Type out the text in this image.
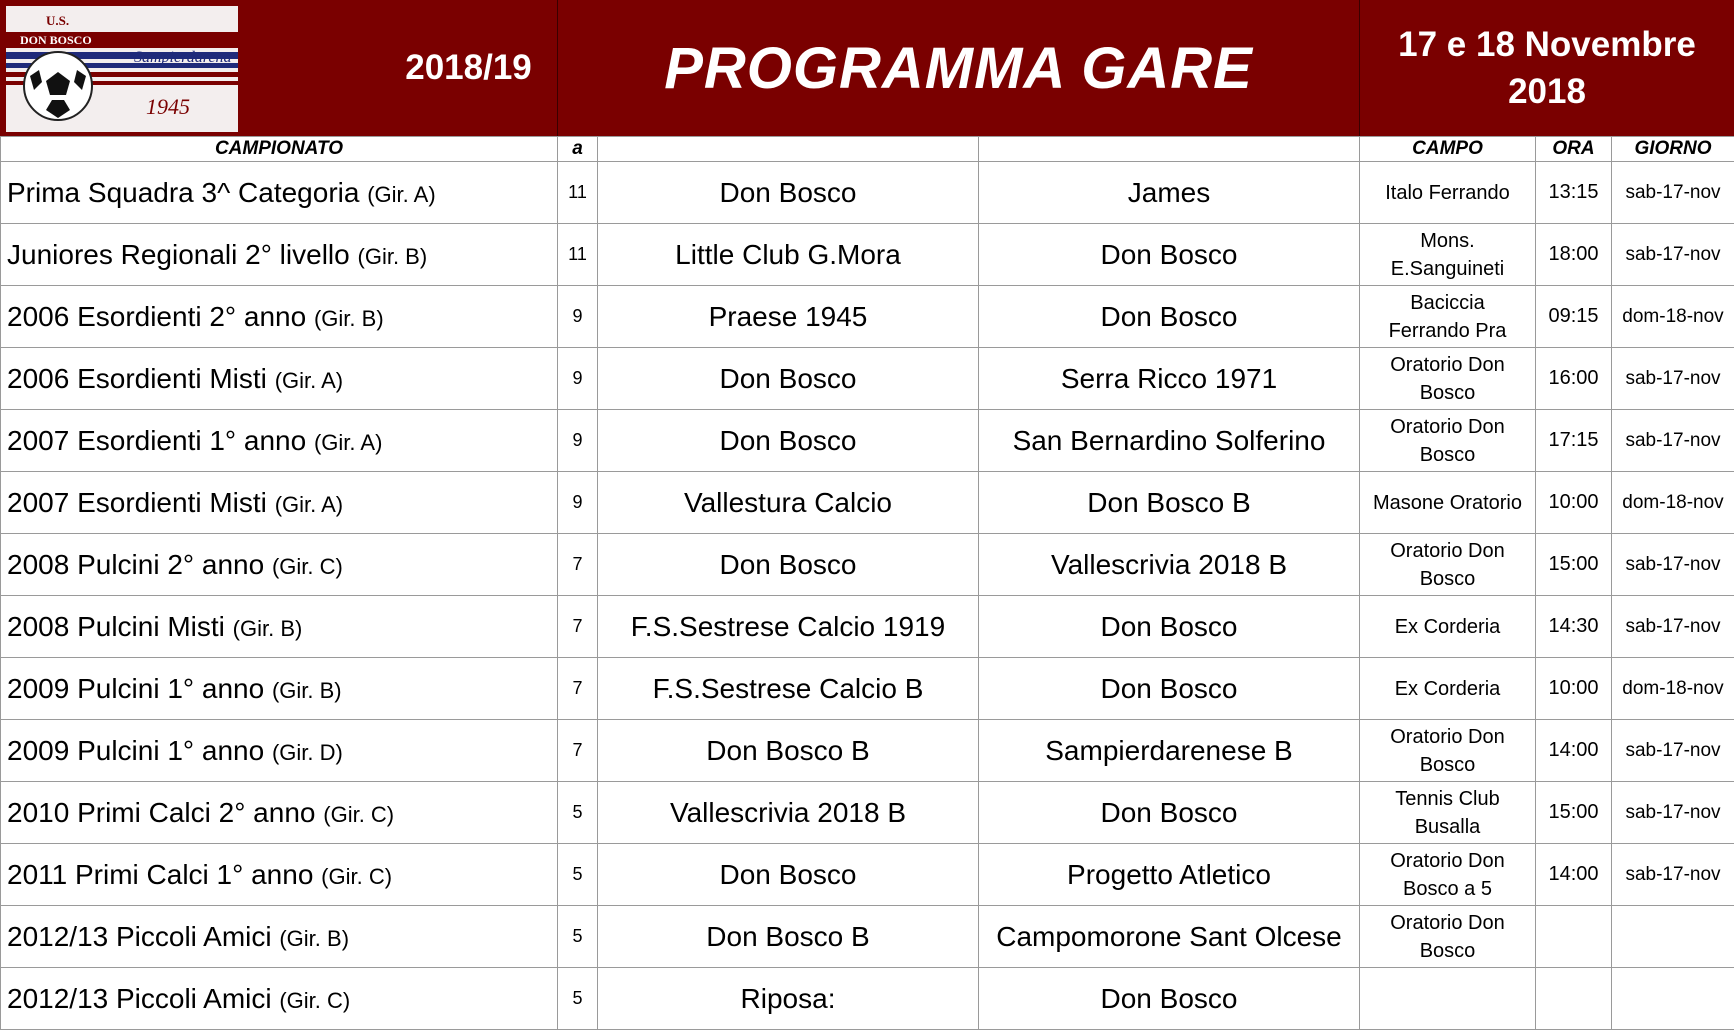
U.S.
DON BOSCO
Sampierdarena
1945
2018/19	PROGRAMMA GARE	17 e 18 Novembre
2018
CAMPIONATO	a			CAMPO	ORA	GIORNO
Prima Squadra 3^ Categoria (Gir. A)	11	Don Bosco	James	Italo Ferrando	13:15	sab-17-nov
Juniores Regionali 2° livello (Gir. B)	11	Little Club G.Mora	Don Bosco	Mons.
E.Sanguineti	18:00	sab-17-nov
2006 Esordienti 2° anno (Gir. B)	9	Praese 1945	Don Bosco	Baciccia
Ferrando Pra	09:15	dom-18-nov
2006 Esordienti Misti (Gir. A)	9	Don Bosco	Serra Ricco 1971	Oratorio Don
Bosco	16:00	sab-17-nov
2007 Esordienti 1° anno (Gir. A)	9	Don Bosco	San Bernardino Solferino	Oratorio Don
Bosco	17:15	sab-17-nov
2007 Esordienti Misti (Gir. A)	9	Vallestura Calcio	Don Bosco B	Masone Oratorio	10:00	dom-18-nov
2008 Pulcini 2° anno (Gir. C)	7	Don Bosco	Vallescrivia 2018 B	Oratorio Don
Bosco	15:00	sab-17-nov
2008 Pulcini Misti (Gir. B)	7	F.S.Sestrese Calcio 1919	Don Bosco	Ex Corderia	14:30	sab-17-nov
2009 Pulcini 1° anno (Gir. B)	7	F.S.Sestrese Calcio B	Don Bosco	Ex Corderia	10:00	dom-18-nov
2009 Pulcini 1° anno (Gir. D)	7	Don Bosco B	Sampierdarenese B	Oratorio Don
Bosco	14:00	sab-17-nov
2010 Primi Calci 2° anno (Gir. C)	5	Vallescrivia 2018 B	Don Bosco	Tennis Club
Busalla	15:00	sab-17-nov
2011 Primi Calci 1° anno (Gir. C)	5	Don Bosco	Progetto Atletico	Oratorio Don
Bosco a 5	14:00	sab-17-nov
2012/13 Piccoli Amici (Gir. B)	5	Don Bosco B	Campomorone Sant Olcese	Oratorio Don
Bosco		

2012/13 Piccoli Amici (Gir. C)	5	Riposa:	Don Bosco	
